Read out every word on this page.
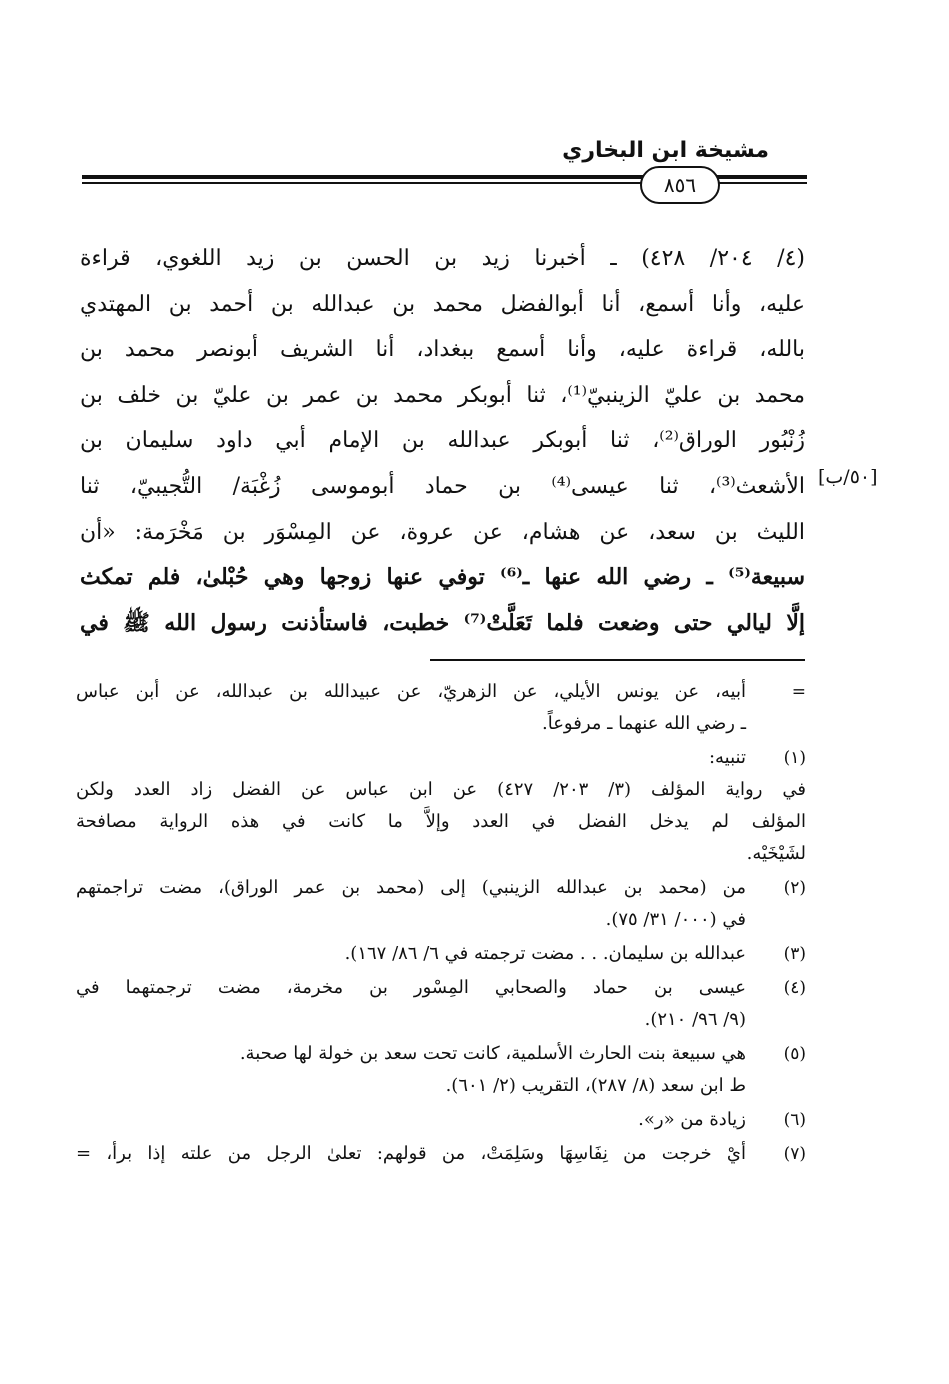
مشيخة ابن البخاري
٨٥٦
(٤/ ٢٠٤/ ٤٢٨) ـ أخبرنا زيد بن الحسن بن زيد اللغوي، قراءة
عليه، وأنا أسمع، أنا أبوالفضل محمد بن عبدالله بن أحمد بن المهتدي
بالله، قراءة عليه، وأنا أسمع ببغداد، أنا الشريف أبونصر محمد بن
محمد بن عليّ الزينبيّ⁽¹⁾، ثنا أبوبكر محمد بن عمر بن عليّ بن خلف بن
زُنْبُور الوراق⁽²⁾، ثنا أبوبكر عبدالله بن الإمام أبي داود سليمان بن
الأشعث⁽³⁾، ثنا عيسى⁽⁴⁾ بن حماد أبوموسى زُغْبَة/ التُّجيبيّ، ثنا
الليث بن سعد، عن هشام، عن عروة، عن المِسْوَر بن مَخْرَمة: «أن
سبيعة⁽⁵⁾ ـ رضي الله عنها ـ⁽⁶⁾ توفي عنها زوجها وهي حُبْلىٰ، فلم تمكث
إلَّا ليالي حتى وضعت فلما تَعَلَّتْ⁽⁷⁾ خطبت، فاستأذنت رسول الله ﷺ في
[٥٠/ب]
=
أبيه، عن يونس الأيلي، عن الزهريّ، عن عبيدالله بن عبدالله، عن أبن عباس
ـ رضي الله عنهما ـ مرفوعاً.
(١)
تنبيه:
في رواية المؤلف (٣/ ٢٠٣/ ٤٢٧) عن ابن عباس عن الفضل زاد العدد ولكن
المؤلف لم يدخل الفضل في العدد وإلاَّ ما كانت في هذه الرواية مصافحة
لشَيْخَيْه.
(٢)
من (محمد بن عبدالله الزينبي) إلى (محمد بن عمر الوراق)، مضت تراجمتهم
في (٠٠٠/ ٣١/ ٧٥).
(٣)
عبدالله بن سليمان. . . مضت ترجمته في ٦/ ٨٦/ ١٦٧).
(٤)
عيسى بن حماد والصحابي المِسْور بن مخرمة، مضت ترجمتهما في
(٩/ ٩٦/ ٢١٠).
(٥)
هي سبيعة بنت الحارث الأسلمية، كانت تحت سعد بن خولة لها صحبة.
ط ابن سعد (٨/ ٢٨٧)، التقريب (٢/ ٦٠١).
(٦)
زيادة من «ر».
(٧)
أيْ خرجت من نِفَاسِهَا وسَلِمَتْ، من قولهم: تعلىٰ الرجل من علته إذا برأ، =
